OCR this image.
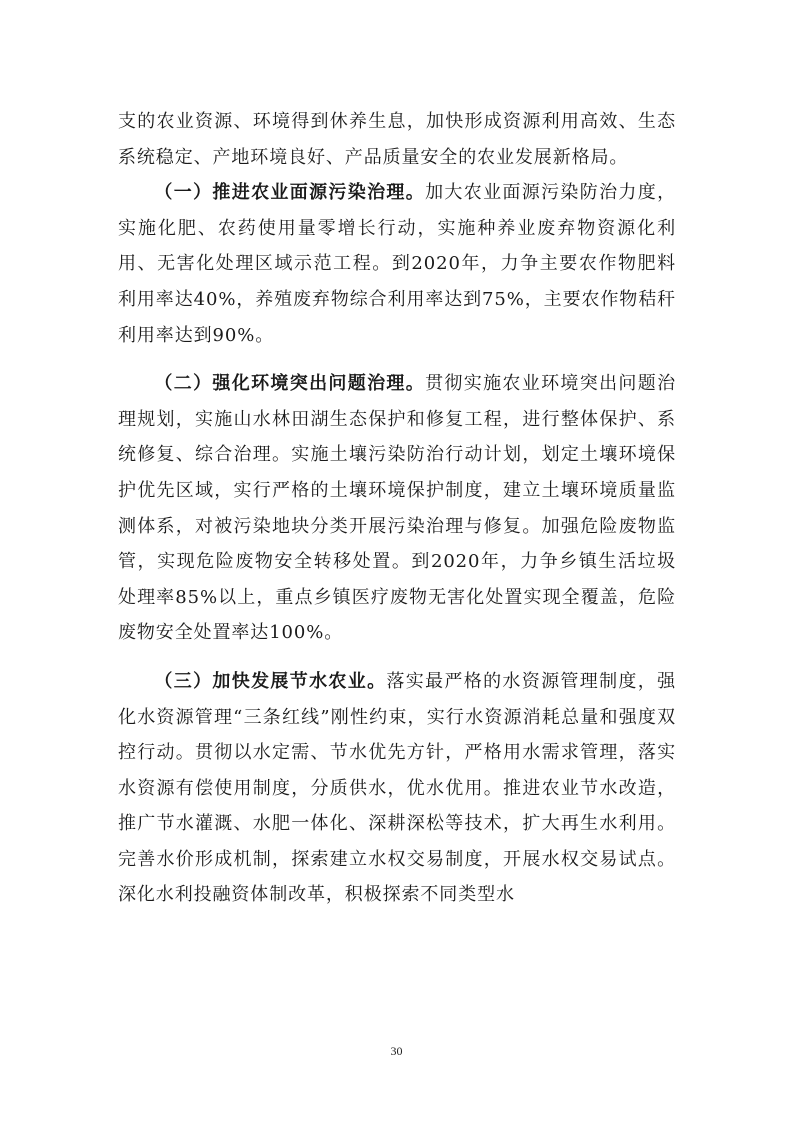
支的农业资源、环境得到休养生息，加快形成资源利用高效、生态系统稳定、产地环境良好、产品质量安全的农业发展新格局。

（一）推进农业面源污染治理。加大农业面源污染防治力度，实施化肥、农药使用量零增长行动，实施种养业废弃物资源化利用、无害化处理区域示范工程。到2020年，力争主要农作物肥料利用率达40%，养殖废弃物综合利用率达到75%，主要农作物秸秆利用率达到90%。

（二）强化环境突出问题治理。贯彻实施农业环境突出问题治理规划，实施山水林田湖生态保护和修复工程，进行整体保护、系统修复、综合治理。实施土壤污染防治行动计划，划定土壤环境保护优先区域，实行严格的土壤环境保护制度，建立土壤环境质量监测体系，对被污染地块分类开展污染治理与修复。加强危险废物监管，实现危险废物安全转移处置。到2020年，力争乡镇生活垃圾处理率85%以上，重点乡镇医疗废物无害化处置实现全覆盖，危险废物安全处置率达100%。

（三）加快发展节水农业。落实最严格的水资源管理制度，强化水资源管理“三条红线”刚性约束，实行水资源消耗总量和强度双控行动。贯彻以水定需、节水优先方针，严格用水需求管理，落实水资源有偿使用制度，分质供水，优水优用。推进农业节水改造，推广节水灌溉、水肥一体化、深耕深松等技术，扩大再生水利用。完善水价形成机制，探索建立水权交易制度，开展水权交易试点。深化水利投融资体制改革，积极探索不同类型水

30
